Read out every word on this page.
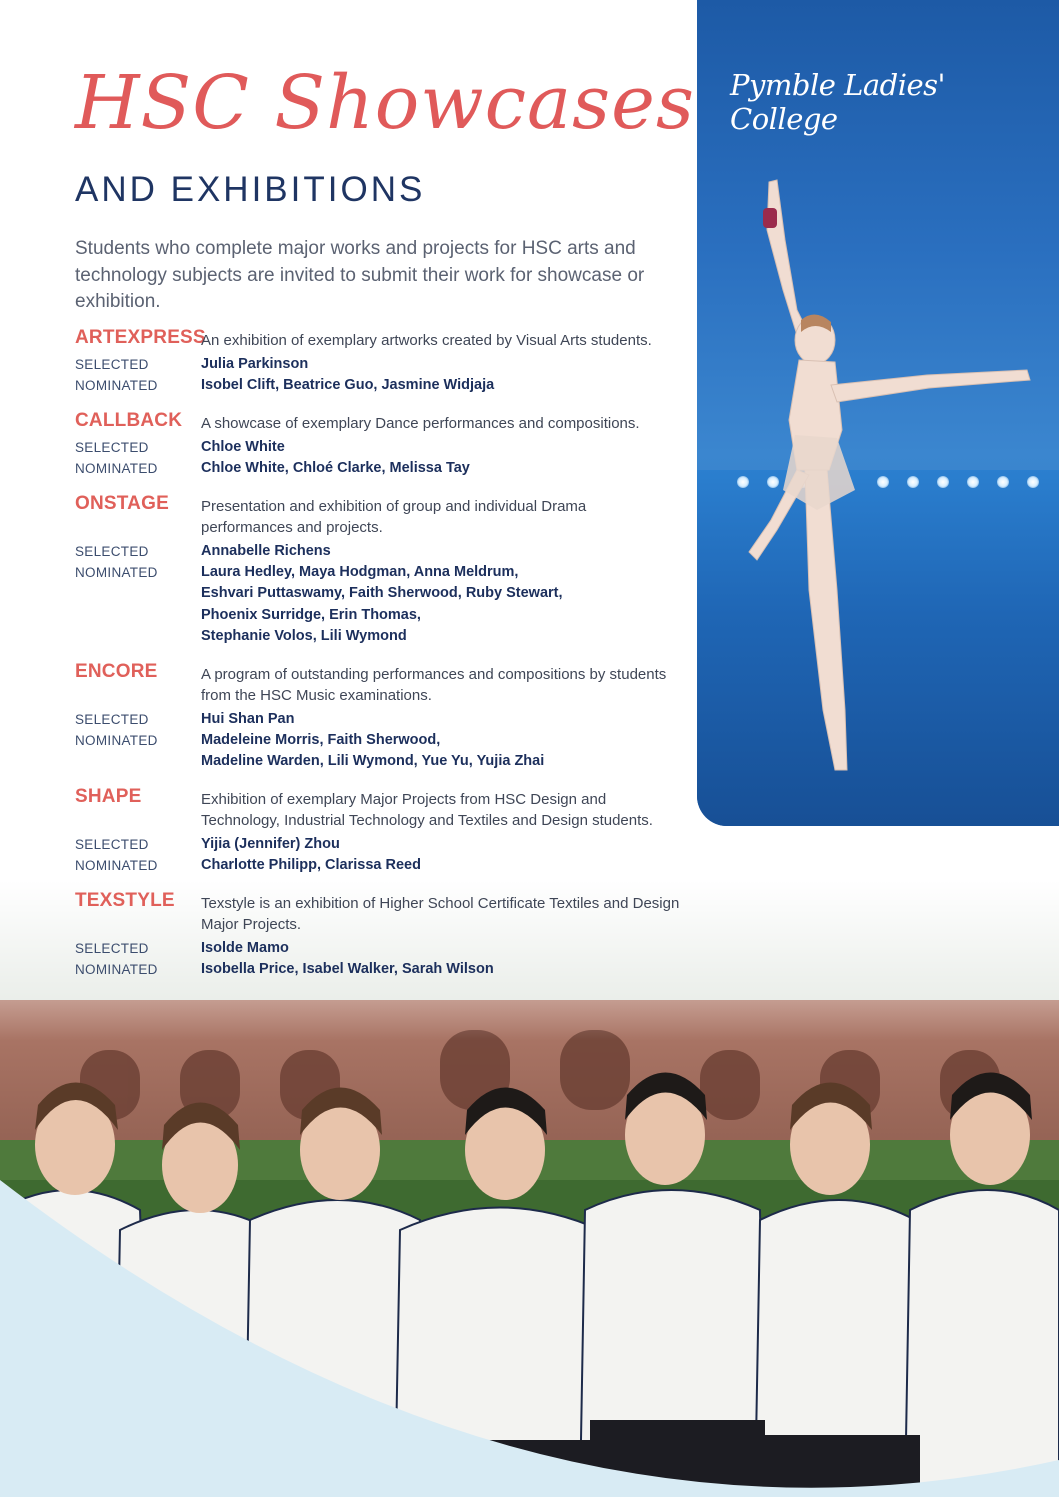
Pymble Ladies' College
HSC Showcases
AND EXHIBITIONS
Students who complete major works and projects for HSC arts and technology subjects are invited to submit their work for showcase or exhibition.
ARTEXPRESS
An exhibition of exemplary artworks created by Visual Arts students.
SELECTED	Julia Parkinson
NOMINATED	Isobel Clift, Beatrice Guo, Jasmine Widjaja
CALLBACK A showcase of exemplary Dance performances and compositions.
SELECTED	Chloe White
NOMINATED	Chloe White, Chloé Clarke, Melissa Tay
ONSTAGE Presentation and exhibition of group and individual Drama performances and projects.
SELECTED	Annabelle Richens
NOMINATED	Laura Hedley, Maya Hodgman, Anna Meldrum,
Eshvari Puttaswamy, Faith Sherwood, Ruby Stewart,
Phoenix Surridge, Erin Thomas,
Stephanie Volos, Lili Wymond
ENCORE	A program of outstanding performances and compositions by students from the HSC Music examinations.
SELECTED	Hui Shan Pan
NOMINATED	Madeleine Morris, Faith Sherwood,
Madeline Warden, Lili Wymond, Yue Yu, Yujia Zhai
SHAPE	Exhibition of exemplary Major Projects from HSC Design and Technology, Industrial Technology and Textiles and Design students.
SELECTED	Yijia (Jennifer) Zhou
NOMINATED	Charlotte Philipp, Clarissa Reed
TEXSTYLE Texstyle is an exhibition of Higher School Certificate Textiles and Design Major Projects.
SELECTED	Isolde Mamo
NOMINATED	Isobella Price, Isabel Walker, Sarah Wilson
